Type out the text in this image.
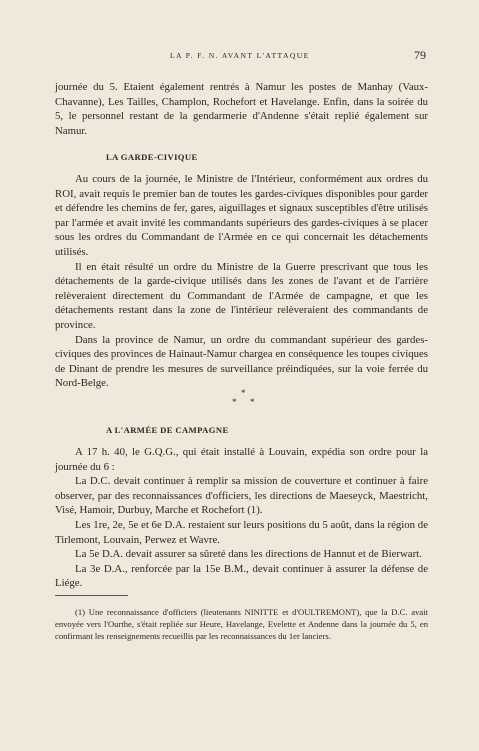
LA P. F. N. AVANT L'ATTAQUE	79

journée du 5. Etaient également rentrés à Namur les postes de Manhay (Vaux-Chavanne), Les Tailles, Champlon, Rochefort et Havelange. Enfin, dans la soirée du 5, le personnel restant de la gendarmerie d'Andenne s'était replié également sur Namur.

LA GARDE-CIVIQUE

Au cours de la journée, le Ministre de l'Intérieur, conformément aux ordres du ROI, avait requis le premier ban de toutes les gardes-civiques disponibles pour garder et défendre les chemins de fer, gares, aiguillages et signaux susceptibles d'être utilisés par l'armée et avait invité les commandants supérieurs des gardes-civiques à se placer sous les ordres du Commandant de l'Armée en ce qui concernait les détachements utilisés.

Il en était résulté un ordre du Ministre de la Guerre prescrivant que tous les détachements de la garde-civique utilisés dans les zones de l'avant et de l'arrière relèveraient directement du Commandant de l'Armée de campagne, et que les détachements restant dans la zone de l'intérieur relèveraient des commandants de province.

Dans la province de Namur, un ordre du commandant supérieur des gardes-civiques des provinces de Hainaut-Namur chargea en conséquence les toupes civiques de Dinant de prendre les mesures de surveillance préindiquées, sur la voie ferrée du Nord-Belge.

*
* *
A L'ARMÉE DE CAMPAGNE

A 17 h. 40, le G.Q.G., qui était installé à Louvain, expédia son ordre pour la journée du 6 :

La D.C. devait continuer à remplir sa mission de couverture et continuer à faire observer, par des reconnaissances d'officiers, les directions de Maeseyck, Maestricht, Visé, Hamoir, Durbuy, Marche et Rochefort (1).

Les 1re, 2e, 5e et 6e D.A. restaient sur leurs positions du 5 août, dans la région de Tirlemont, Louvain, Perwez et Wavre.

La 5e D.A. devait assurer sa sûreté dans les directions de Hannut et de Bierwart.

La 3e D.A., renforcée par la 15e B.M., devait continuer à assurer la défense de Liége.

(1) Une reconnaissance d'officiers (lieutenants NINITTE et d'OULTREMONT), que la D.C. avait envoyée vers l'Ourthe, s'était repliée sur Heure, Havelange, Evelette et Andenne dans la journée du 5, en confirmant les renseignements recueillis par les reconnaissances du 1er lanciers.
